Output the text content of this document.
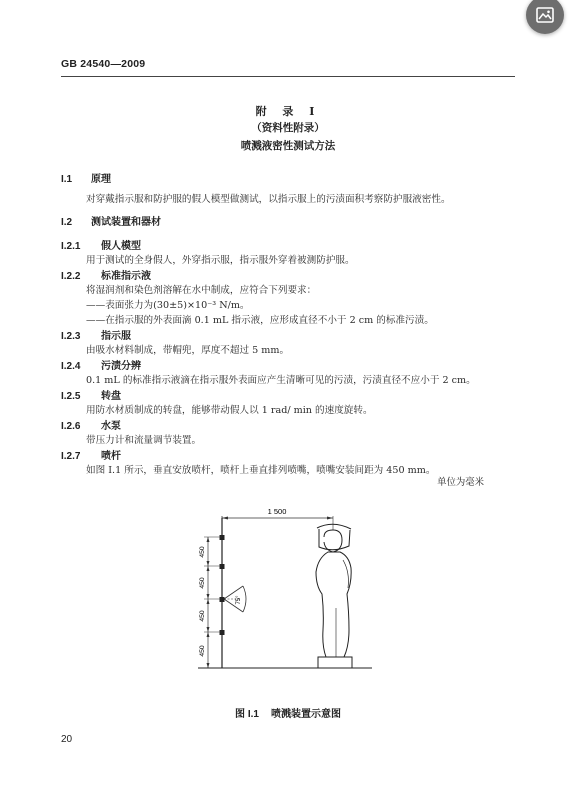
GB 24540—2009
附 录 I
（资料性附录）
喷溅液密性测试方法
I.1 原理
对穿戴指示服和防护服的假人模型做测试，以指示服上的污渍面积考察防护服液密性。
I.2 测试装置和器材
I.2.1 假人模型
用于测试的全身假人，外穿指示服，指示服外穿着被测防护服。
I.2.2 标准指示液
将湿润剂和染色剂溶解在水中制成，应符合下列要求：
——表面张力为(30±5)×10⁻³ N/m。
——在指示服的外表面滴 0.1 mL 指示液，应形成直径不小于 2 cm 的标准污渍。
I.2.3 指示服
由吸水材料制成，带帽兜，厚度不超过 5 mm。
I.2.4 污渍分辨
0.1 mL 的标准指示液滴在指示服外表面应产生清晰可见的污渍，污渍直径不应小于 2 cm。
I.2.5 转盘
用防水材质制成的转盘，能够带动假人以 1 rad/ min 的速度旋转。
I.2.6 水泵
带压力计和流量调节装置。
I.2.7 喷杆
如图 I.1 所示，垂直安放喷杆，喷杆上垂直排列喷嘴，喷嘴安装间距为 450 mm。
单位为毫米
1 500
450
450
450
450
75°
图 I.1 喷溅装置示意图
20
